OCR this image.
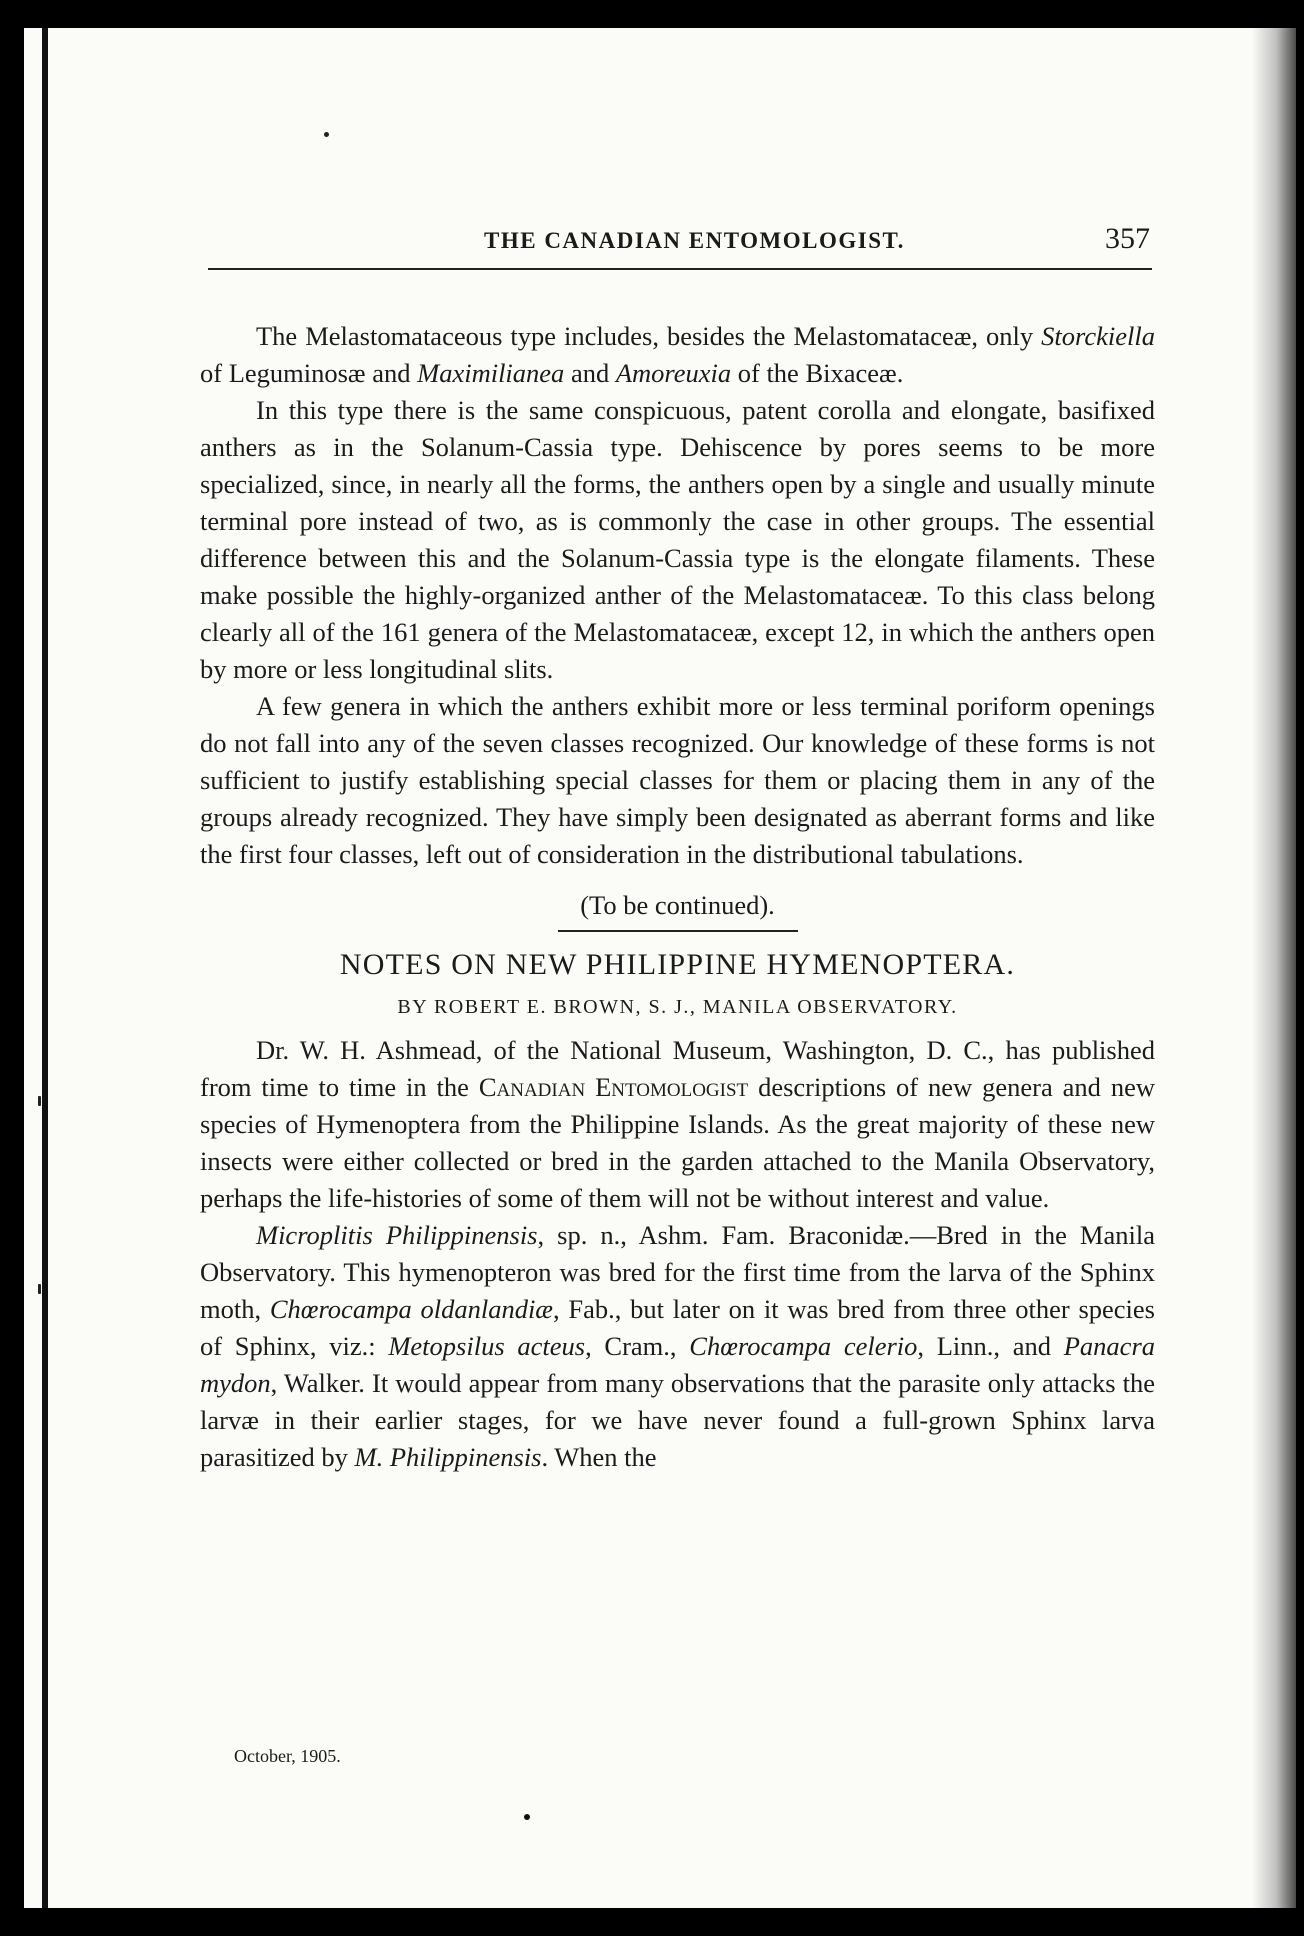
THE CANADIAN ENTOMOLOGIST.	357

The Melastomataceous type includes, besides the Melastomataceæ, only Storckiella of Leguminosæ and Maximilianea and Amoreuxia of the Bixaceæ.

In this type there is the same conspicuous, patent corolla and elongate, basifixed anthers as in the Solanum-Cassia type. Dehiscence by pores seems to be more specialized, since, in nearly all the forms, the anthers open by a single and usually minute terminal pore instead of two, as is commonly the case in other groups. The essential difference between this and the Solanum-Cassia type is the elongate filaments. These make possible the highly-organized anther of the Melastomataceæ. To this class belong clearly all of the 161 genera of the Melastomataceæ, except 12, in which the anthers open by more or less longitudinal slits.

A few genera in which the anthers exhibit more or less terminal poriform openings do not fall into any of the seven classes recognized. Our knowledge of these forms is not sufficient to justify establishing special classes for them or placing them in any of the groups already recognized. They have simply been designated as aberrant forms and like the first four classes, left out of consideration in the distributional tabulations.

(To be continued).
NOTES ON NEW PHILIPPINE HYMENOPTERA.
BY ROBERT E. BROWN, S. J., MANILA OBSERVATORY.

Dr. W. H. Ashmead, of the National Museum, Washington, D. C., has published from time to time in the Canadian Entomologist descriptions of new genera and new species of Hymenoptera from the Philippine Islands. As the great majority of these new insects were either collected or bred in the garden attached to the Manila Observatory, perhaps the life-histories of some of them will not be without interest and value.

Microplitis Philippinensis, sp. n., Ashm. Fam. Braconidæ.—Bred in the Manila Observatory. This hymenopteron was bred for the first time from the larva of the Sphinx moth, Chœrocampa oldanlandiæ, Fab., but later on it was bred from three other species of Sphinx, viz.: Metopsilus acteus, Cram., Chœrocampa celerio, Linn., and Panacra mydon, Walker. It would appear from many observations that the parasite only attacks the larvæ in their earlier stages, for we have never found a full-grown Sphinx larva parasitized by M. Philippinensis. When the

October, 1905.
